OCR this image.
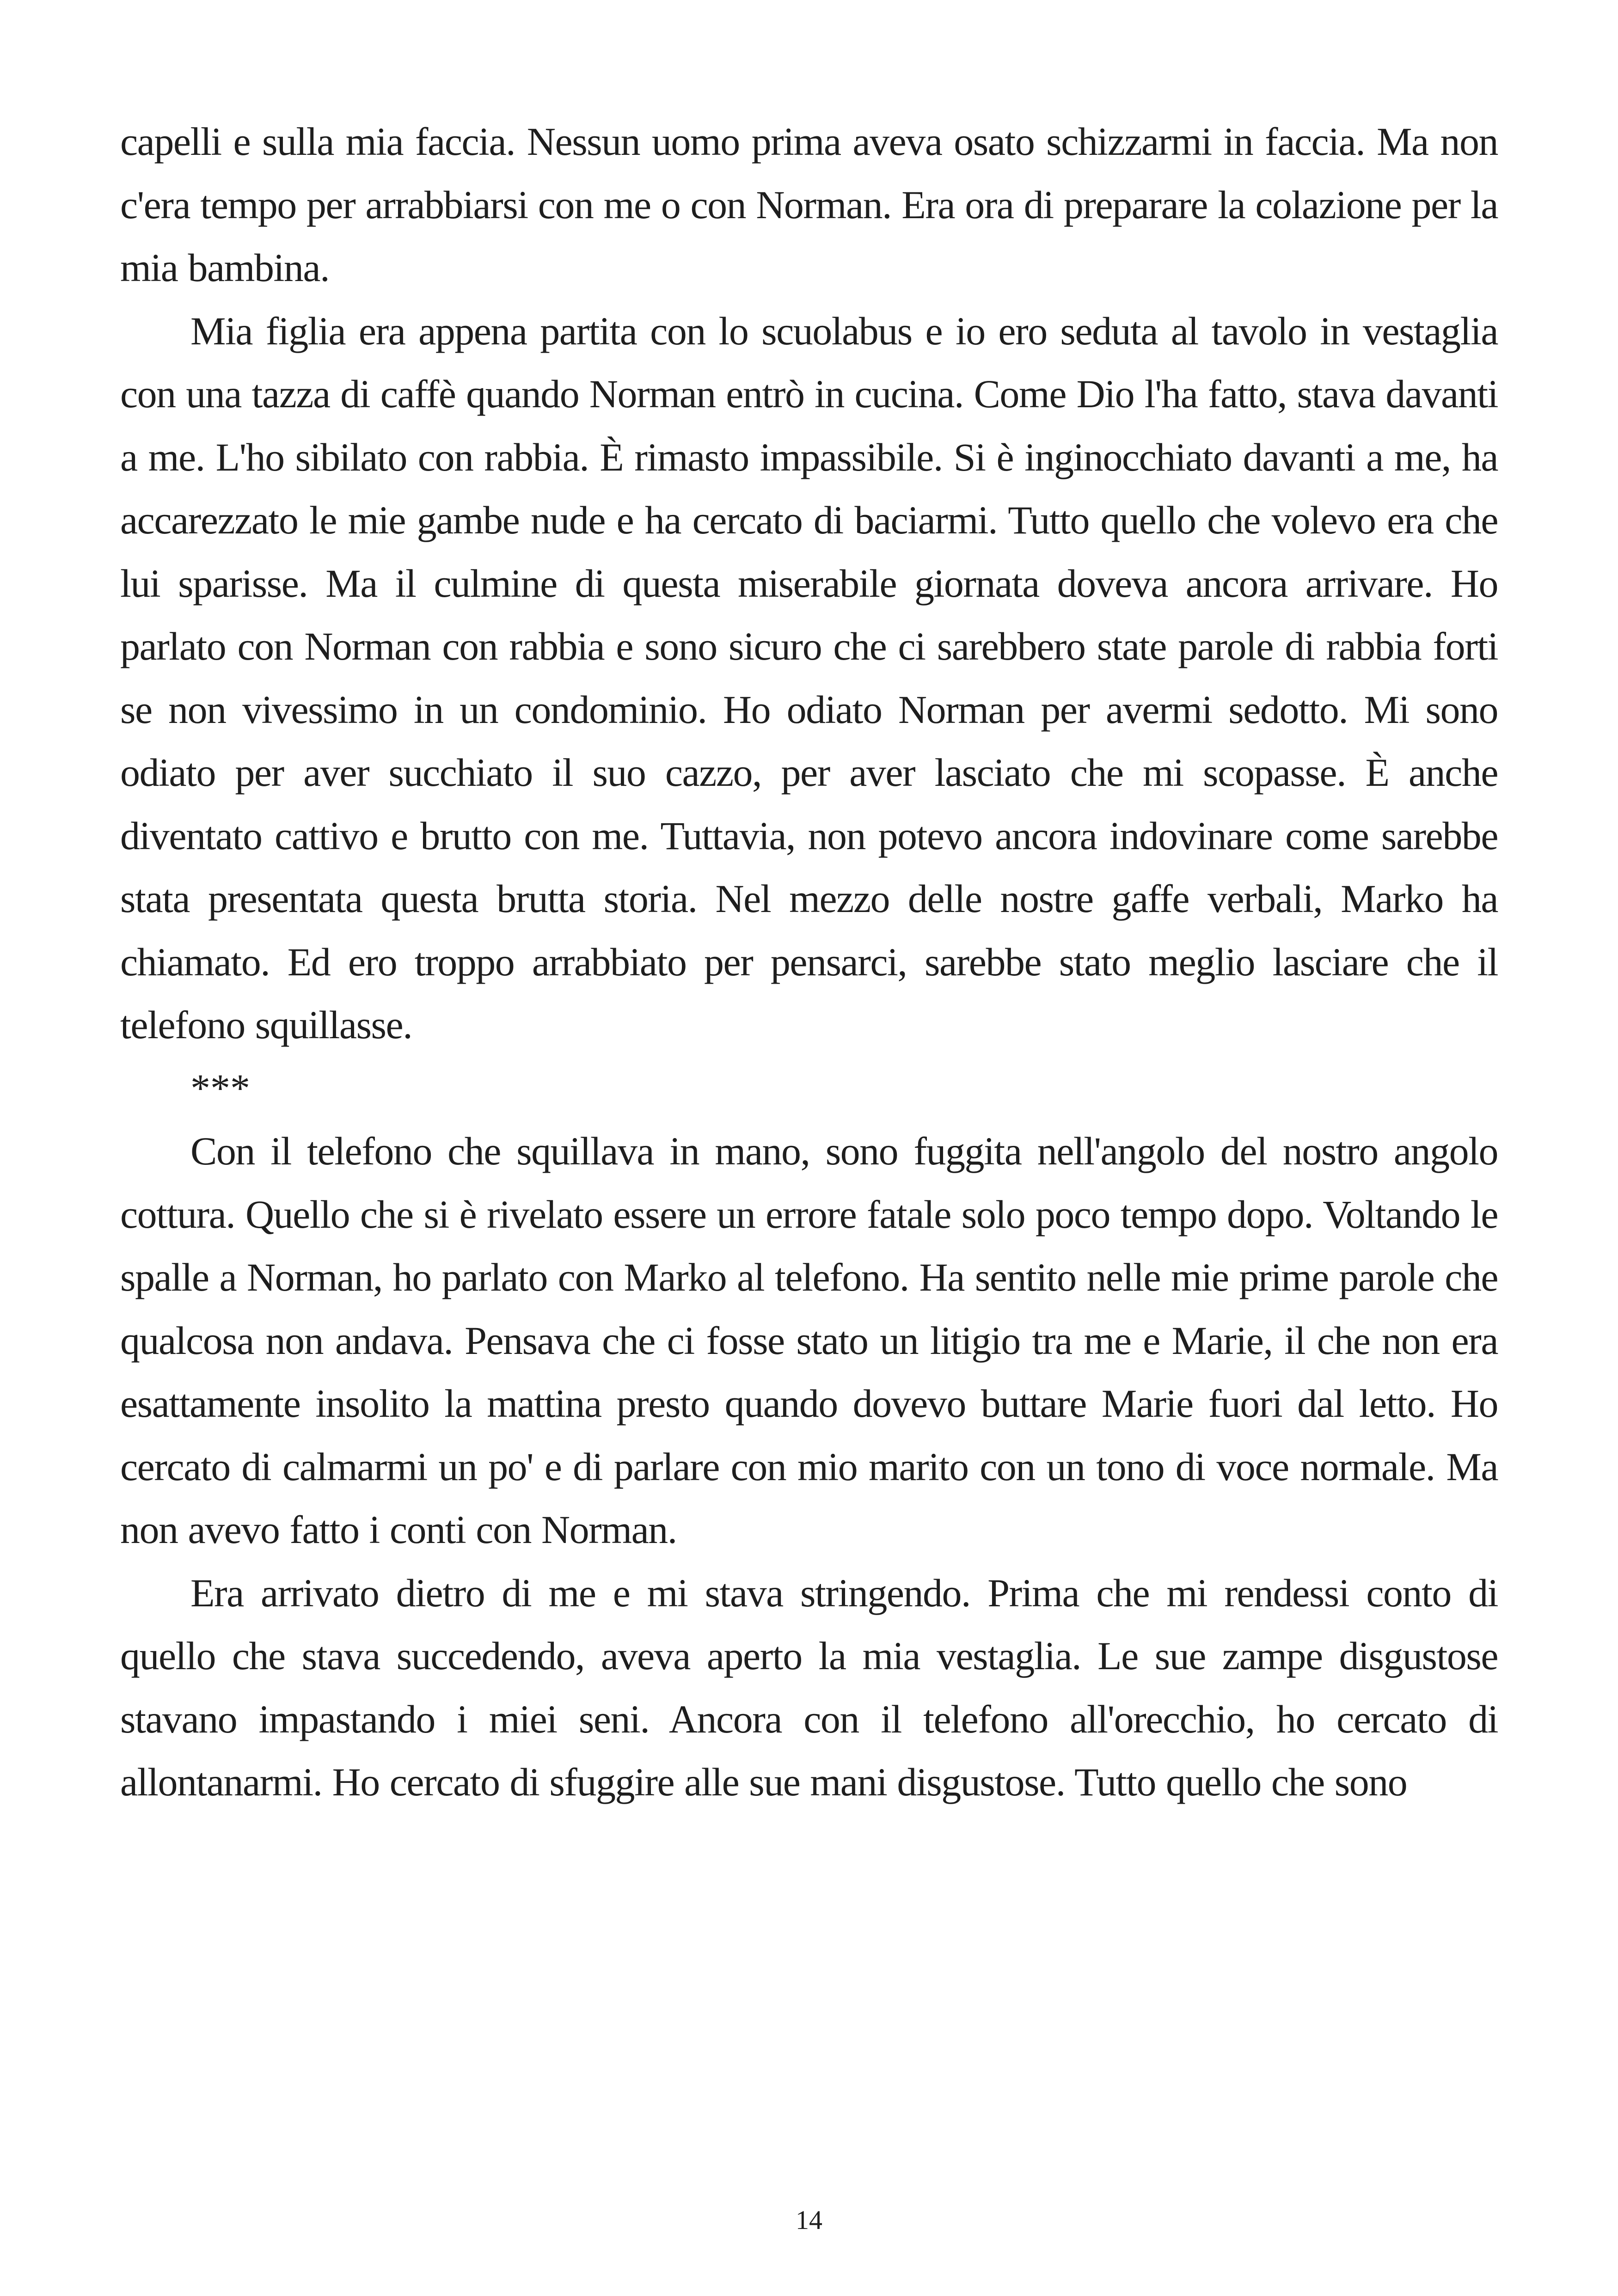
capelli e sulla mia faccia. Nessun uomo prima aveva osato schizzarmi in faccia. Ma non c'era tempo per arrabbiarsi con me o con Norman. Era ora di preparare la colazione per la mia bambina.

Mia figlia era appena partita con lo scuolabus e io ero seduta al tavolo in vestaglia con una tazza di caffè quando Norman entrò in cucina. Come Dio l'ha fatto, stava davanti a me. L'ho sibilato con rabbia. È rimasto impassibile. Si è inginocchiato davanti a me, ha accarezzato le mie gambe nude e ha cercato di baciarmi. Tutto quello che volevo era che lui sparisse. Ma il culmine di questa miserabile giornata doveva ancora arrivare. Ho parlato con Norman con rabbia e sono sicuro che ci sarebbero state parole di rabbia forti se non vivessimo in un condominio. Ho odiato Norman per avermi sedotto. Mi sono odiato per aver succhiato il suo cazzo, per aver lasciato che mi scopasse. È anche diventato cattivo e brutto con me. Tuttavia, non potevo ancora indovinare come sarebbe stata presentata questa brutta storia. Nel mezzo delle nostre gaffe verbali, Marko ha chiamato. Ed ero troppo arrabbiato per pensarci, sarebbe stato meglio lasciare che il telefono squillasse.

***

Con il telefono che squillava in mano, sono fuggita nell'angolo del nostro angolo cottura. Quello che si è rivelato essere un errore fatale solo poco tempo dopo. Voltando le spalle a Norman, ho parlato con Marko al telefono. Ha sentito nelle mie prime parole che qualcosa non andava. Pensava che ci fosse stato un litigio tra me e Marie, il che non era esattamente insolito la mattina presto quando dovevo buttare Marie fuori dal letto. Ho cercato di calmarmi un po' e di parlare con mio marito con un tono di voce normale. Ma non avevo fatto i conti con Norman.

Era arrivato dietro di me e mi stava stringendo. Prima che mi rendessi conto di quello che stava succedendo, aveva aperto la mia vestaglia. Le sue zampe disgustose stavano impastando i miei seni. Ancora con il telefono all'orecchio, ho cercato di allontanarmi. Ho cercato di sfuggire alle sue mani disgustose. Tutto quello che sono

14
